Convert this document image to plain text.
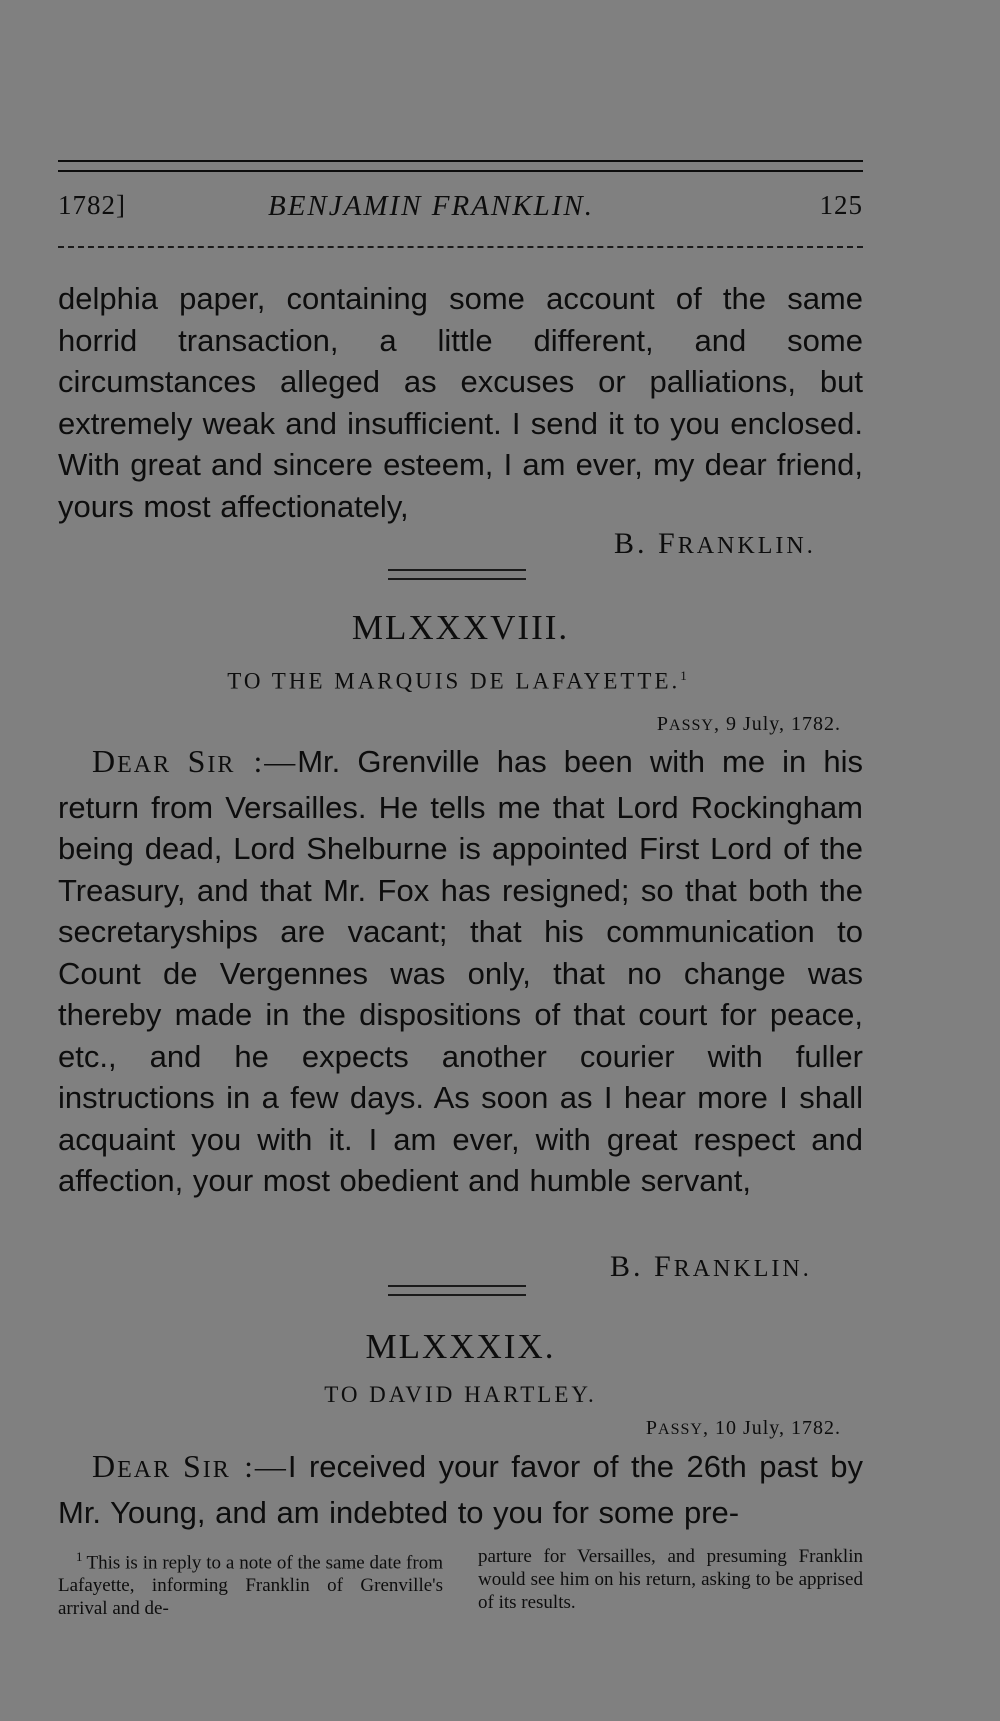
1782]	BENJAMIN FRANKLIN.	125

delphia paper, containing some account of the same horrid transaction, a little different, and some circumstances alleged as excuses or palliations, but extremely weak and insufficient. I send it to you enclosed. With great and sincere esteem, I am ever, my dear friend, yours most affectionately,

B. FRANKLIN.
MLXXXVIII.
TO THE MARQUIS DE LAFAYETTE.$^1$
PASSY, 9 July, 1782.

DEAR SIR :—Mr. Grenville has been with me in his return from Versailles. He tells me that Lord Rockingham being dead, Lord Shelburne is appointed First Lord of the Treasury, and that Mr. Fox has resigned; so that both the secretaryships are vacant; that his communication to Count de Vergennes was only, that no change was thereby made in the dispositions of that court for peace, etc., and he expects another courier with fuller instructions in a few days. As soon as I hear more I shall acquaint you with it. I am ever, with great respect and affection, your most obedient and humble servant,

B. FRANKLIN.
MLXXXIX.
TO DAVID HARTLEY.
PASSY, 10 July, 1782.

DEAR SIR :—I received your favor of the 26th past by Mr. Young, and am indebted to you for some pre-

$^1$ This is in reply to a note of the same date from Lafayette, informing Franklin of Grenville's arrival and de-

parture for Versailles, and presuming Franklin would see him on his return, asking to be apprised of its results.
